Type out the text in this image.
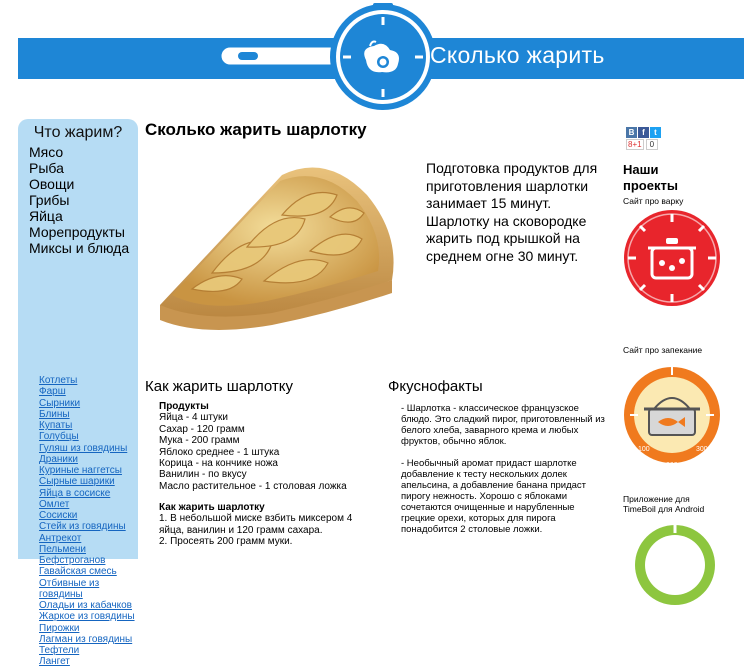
Сколько жарить
Что жарим?
Мясо
Рыба
Овощи
Грибы
Яйца
Морепродукты
Миксы и блюда
Котлеты
Фарш
Сырники
Блины
Купаты
Голубцы
Гуляш из говядины
Драники
Куриные наггетсы
Сырные шарики
Яйца в сосиске
Омлет
Сосиски
Стейк из говядины
Антрекот
Пельмени
Бефстроганов
Гавайская смесь
Отбивные из говядины
Оладьи из кабачков
Жаркое из говядины
Пирожки
Лагман из говядины
Тефтели
Лангет
Сколько жарить шарлотку
Подготовка продуктов для приготовления шарлотки занимает 15 минут. Шарлотку на сковородке жарить под крышкой на среднем огне 30 минут.
Как жарить шарлотку	Фкуснофакты
Продукты
Яйца - 4 штуки
Сахар - 120 грамм
Мука - 200 грамм
Яблоко среднее - 1 штука
Корица - на кончике ножа
Ванилин - по вкусу
Масло растительное - 1 столовая ложка
Как жарить шарлотку
1. В небольшой миске взбить миксером 4 яйца, ванилин и 120 грамм сахара.
2. Просеять 200 грамм муки.

- Шарлотка - классическое французское блюдо. Это сладкий пирог, приготовленный из белого хлеба, заварного крема и любых фруктов, обычно яблок.

- Необычный аромат придаст шарлотке добавление к тесту нескольких долек апельсина, а добавление банана придаст пирогу нежность. Хорошо с яблоками сочетаются очищенные и нарубленные грецкие орехи, которых для пирога понадобится 2 столовые ложки.

В f t
8+1 0
Наши проекты
Сайт про варку
Сайт про запекание
100
200
300
Приложение для TimeBoil для Android
